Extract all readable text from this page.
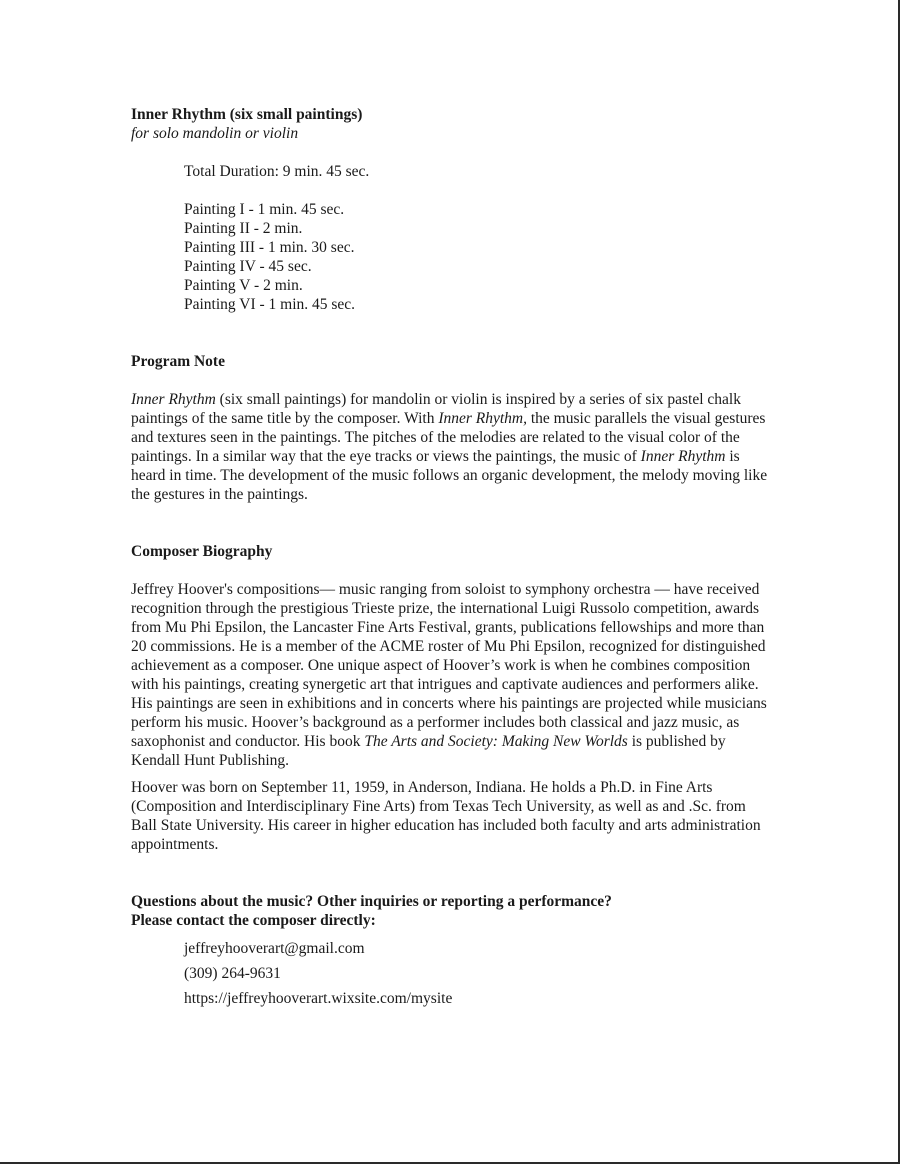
Inner Rhythm (six small paintings)
for solo mandolin or violin
Total Duration: 9 min. 45 sec.
Painting I - 1 min. 45 sec.
Painting II - 2 min.
Painting III - 1 min. 30 sec.
Painting IV - 45 sec.
Painting V - 2 min.
Painting VI - 1 min. 45 sec.
Program Note
Inner Rhythm (six small paintings) for mandolin or violin is inspired by a series of six pastel chalk paintings of the same title by the composer. With Inner Rhythm, the music parallels the visual gestures and textures seen in the paintings. The pitches of the melodies are related to the visual color of the paintings. In a similar way that the eye tracks or views the paintings, the music of Inner Rhythm is heard in time. The development of the music follows an organic development, the melody moving like the gestures in the paintings.
Composer Biography
Jeffrey Hoover's compositions— music ranging from soloist to symphony orchestra — have received recognition through the prestigious Trieste prize, the international Luigi Russolo competition, awards from Mu Phi Epsilon, the Lancaster Fine Arts Festival, grants, publications fellowships and more than 20 commissions. He is a member of the ACME roster of Mu Phi Epsilon, recognized for distinguished achievement as a composer. One unique aspect of Hoover’s work is when he combines composition with his paintings, creating synergetic art that intrigues and captivate audiences and performers alike. His paintings are seen in exhibitions and in concerts where his paintings are projected while musicians perform his music. Hoover’s background as a performer includes both classical and jazz music, as saxophonist and conductor. His book The Arts and Society: Making New Worlds is published by Kendall Hunt Publishing.
Hoover was born on September 11, 1959, in Anderson, Indiana. He holds a Ph.D. in Fine Arts (Composition and Interdisciplinary Fine Arts) from Texas Tech University, as well as and .Sc. from Ball State University. His career in higher education has included both faculty and arts administration appointments.
Questions about the music? Other inquiries or reporting a performance?
Please contact the composer directly:
jeffreyhooverart@gmail.com
(309) 264-9631
https://jeffreyhooverart.wixsite.com/mysite
